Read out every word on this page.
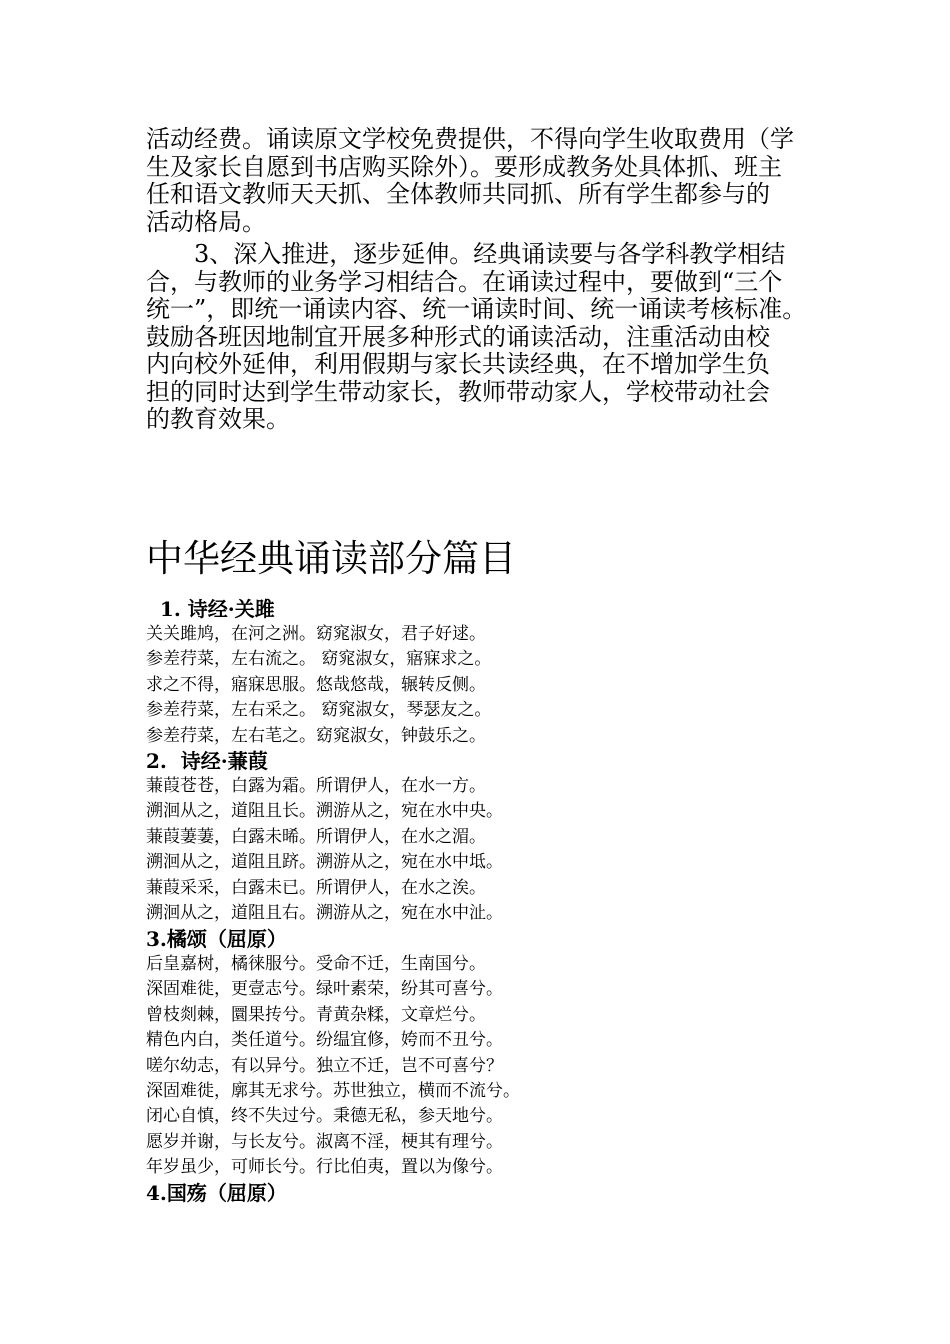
活动经费。诵读原文学校免费提供，不得向学生收取费用（学
生及家长自愿到书店购买除外）。要形成教务处具体抓、班主
任和语文教师天天抓、全体教师共同抓、所有学生都参与的
活动格局。
　　3、深入推进，逐步延伸。经典诵读要与各学科教学相结
合，与教师的业务学习相结合。在诵读过程中，要做到“三个
统一”，即统一诵读内容、统一诵读时间、统一诵读考核标准。
鼓励各班因地制宜开展多种形式的诵读活动，注重活动由校
内向校外延伸，利用假期与家长共读经典，在不增加学生负
担的同时达到学生带动家长，教师带动家人，学校带动社会
的教育效果。
中华经典诵读部分篇目
1. 诗经·关雎
关关雎鸠，在河之洲。窈窕淑女，君子好逑。
参差荇菜，左右流之。 窈窕淑女，寤寐求之。
求之不得，寤寐思服。悠哉悠哉，辗转反侧。
参差荇菜，左右采之。 窈窕淑女，琴瑟友之。
参差荇菜，左右芼之。窈窕淑女，钟鼓乐之。
2.  诗经·蒹葭
蒹葭苍苍，白露为霜。所谓伊人，在水一方。
溯洄从之，道阻且长。溯游从之，宛在水中央。
蒹葭萋萋，白露未晞。所谓伊人，在水之湄。
溯洄从之，道阻且跻。溯游从之，宛在水中坻。
蒹葭采采，白露未已。所谓伊人，在水之涘。
溯洄从之，道阻且右。溯游从之，宛在水中沚。
3.橘颂（屈原）
后皇嘉树，橘徕服兮。受命不迁，生南国兮。
深固难徙，更壹志兮。绿叶素荣，纷其可喜兮。
曾枝剡棘，圜果抟兮。青黄杂糅，文章烂兮。
精色内白，类任道兮。纷缊宜修，姱而不丑兮。
嗟尔幼志，有以异兮。独立不迁，岂不可喜兮？
深固难徙，廓其无求兮。苏世独立，横而不流兮。
闭心自慎，终不失过兮。秉德无私，参天地兮。
愿岁并谢，与长友兮。淑离不淫，梗其有理兮。
年岁虽少，可师长兮。行比伯夷，置以为像兮。
4.国殇（屈原）
